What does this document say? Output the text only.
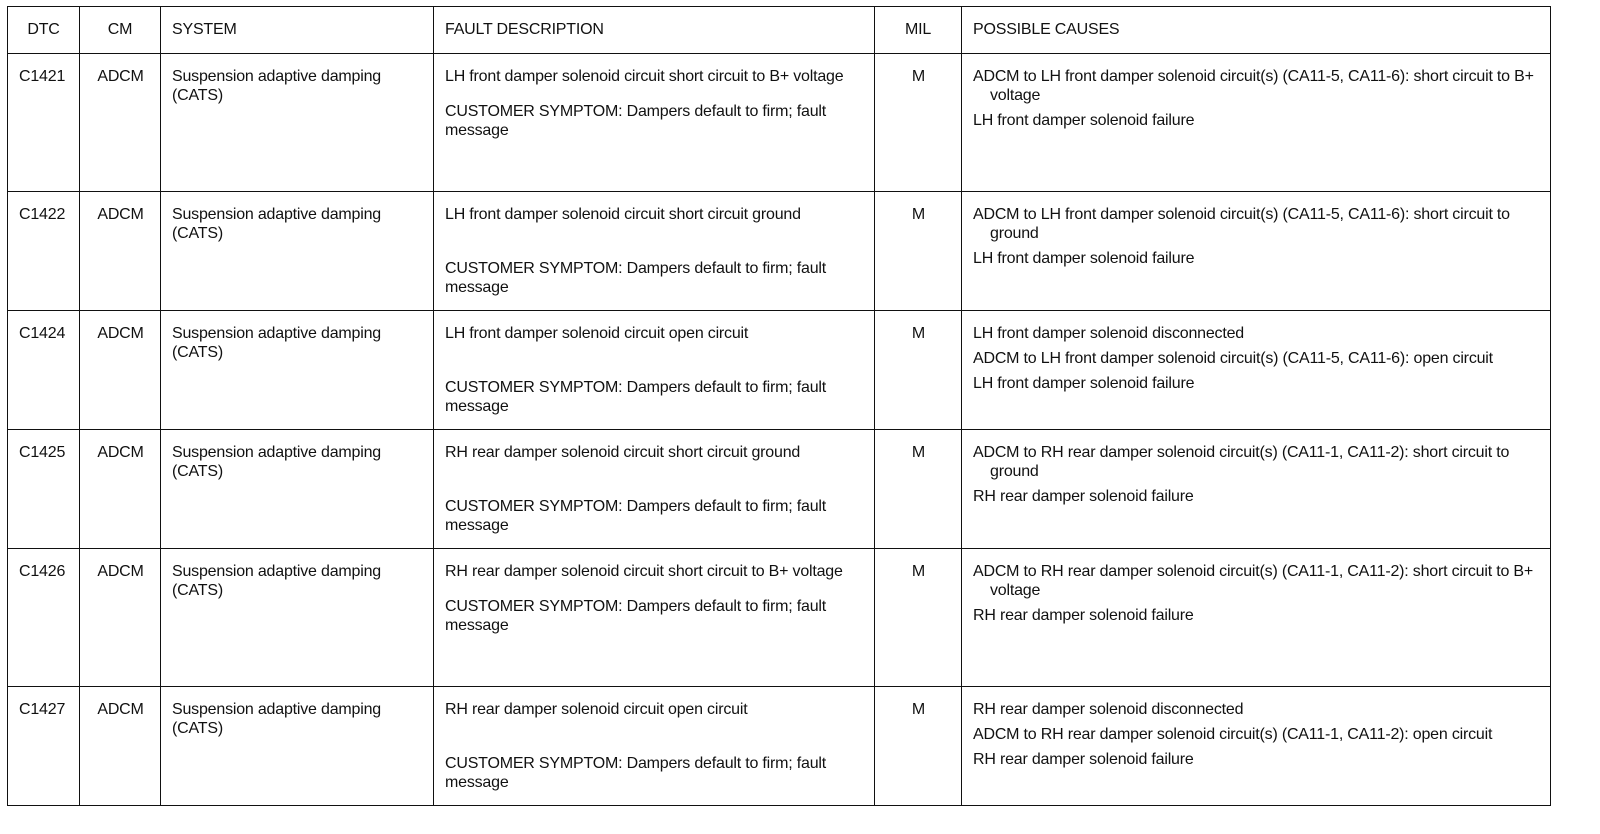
DTC	CM	SYSTEM	FAULT DESCRIPTION	MIL	POSSIBLE CAUSES

C1421	ADCM	Suspension adaptive damping (CATS)	LH front damper solenoid circuit short circuit to B+ voltage
CUSTOMER SYMPTOM: Dampers default to firm; fault message	M	ADCM to LH front damper solenoid circuit(s) (CA11-5, CA11-6): short circuit to B+ voltage
LH front damper solenoid failure

C1422	ADCM	Suspension adaptive damping (CATS)	LH front damper solenoid circuit short circuit ground
CUSTOMER SYMPTOM: Dampers default to firm; fault message	M	ADCM to LH front damper solenoid circuit(s) (CA11-5, CA11-6): short circuit to ground
LH front damper solenoid failure

C1424	ADCM	Suspension adaptive damping (CATS)	LH front damper solenoid circuit open circuit
CUSTOMER SYMPTOM: Dampers default to firm; fault message	M	LH front damper solenoid disconnected
ADCM to LH front damper solenoid circuit(s) (CA11-5, CA11-6): open circuit
LH front damper solenoid failure

C1425	ADCM	Suspension adaptive damping (CATS)	RH rear damper solenoid circuit short circuit ground
CUSTOMER SYMPTOM: Dampers default to firm; fault message	M	ADCM to RH rear damper solenoid circuit(s) (CA11-1, CA11-2): short circuit to ground
RH rear damper solenoid failure

C1426	ADCM	Suspension adaptive damping (CATS)	RH rear damper solenoid circuit short circuit to B+ voltage
CUSTOMER SYMPTOM: Dampers default to firm; fault message	M	ADCM to RH rear damper solenoid circuit(s) (CA11-1, CA11-2): short circuit to B+ voltage
RH rear damper solenoid failure

C1427	ADCM	Suspension adaptive damping (CATS)	RH rear damper solenoid circuit open circuit
CUSTOMER SYMPTOM: Dampers default to firm; fault message	M	RH rear damper solenoid disconnected
ADCM to RH rear damper solenoid circuit(s) (CA11-1, CA11-2): open circuit
RH rear damper solenoid failure
